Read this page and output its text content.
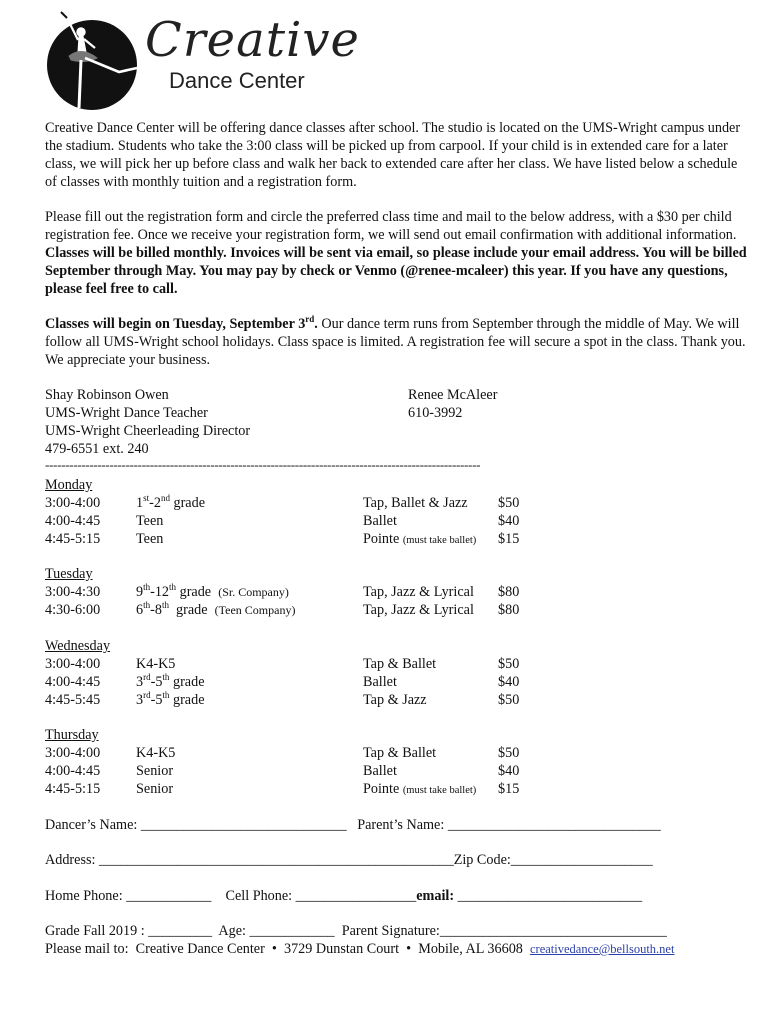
Creative
Dance Center

Creative Dance Center will be offering dance classes after school. The studio is located on the UMS-Wright campus under the stadium. Students who take the 3:00 class will be picked up from carpool. If your child is in extended care for a later class, we will pick her up before class and walk her back to extended care after her class. We have listed below a schedule of classes with monthly tuition and a registration form.

Please fill out the registration form and circle the preferred class time and mail to the below address, with a $30 per child registration fee. Once we receive your registration form, we will send out email confirmation with additional information. Classes will be billed monthly. Invoices will be sent via email, so please include your email address. You will be billed September through May. You may pay by check or Venmo (@renee-mcaleer) this year. If you have any questions, please feel free to call.

Classes will begin on Tuesday, September 3rd. Our dance term runs from September through the middle of May. We will follow all UMS-Wright school holidays. Class space is limited. A registration fee will secure a spot in the class. Thank you. We appreciate your business.

Shay Robinson Owen
UMS-Wright Dance Teacher
UMS-Wright Cheerleading Director
479-6551 ext. 240
Renee McAleer
610-3992
------------------------------------------------------------------------------------------------------------
Monday
3:00-4:00	1st-2nd grade	Tap, Ballet & Jazz $50
4:00-4:45	Teen	Ballet	$40
4:45-5:15	Teen	Pointe (must take ballet) $15
Tuesday
3:00-4:30	9th-12th grade (Sr. Company)	Tap, Jazz & Lyrical $80
4:30-6:00	6th-8th  grade (Teen Company)	Tap, Jazz & Lyrical $80
Wednesday
3:00-4:00	K4-K5	Tap & Ballet	$50
4:00-4:45	3rd-5th grade	Ballet	$40
4:45-5:45	3rd-5th grade	Tap & Jazz	$50
Thursday
3:00-4:00	K4-K5	Tap & Ballet	$50
4:00-4:45	Senior	Ballet	$40
4:45-5:15	Senior	Pointe (must take ballet) $15
Dancer’s Name: _____________________________   Parent’s Name: ______________________________
Address: __________________________________________________Zip Code:____________________
Home Phone: ____________    Cell Phone: _________________email: __________________________
Grade Fall 2019 : _________  Age: ____________  Parent Signature:________________________________
Please mail to:  Creative Dance Center  •  3729 Dunstan Court  •  Mobile, AL 36608  creativedance@bellsouth.net
